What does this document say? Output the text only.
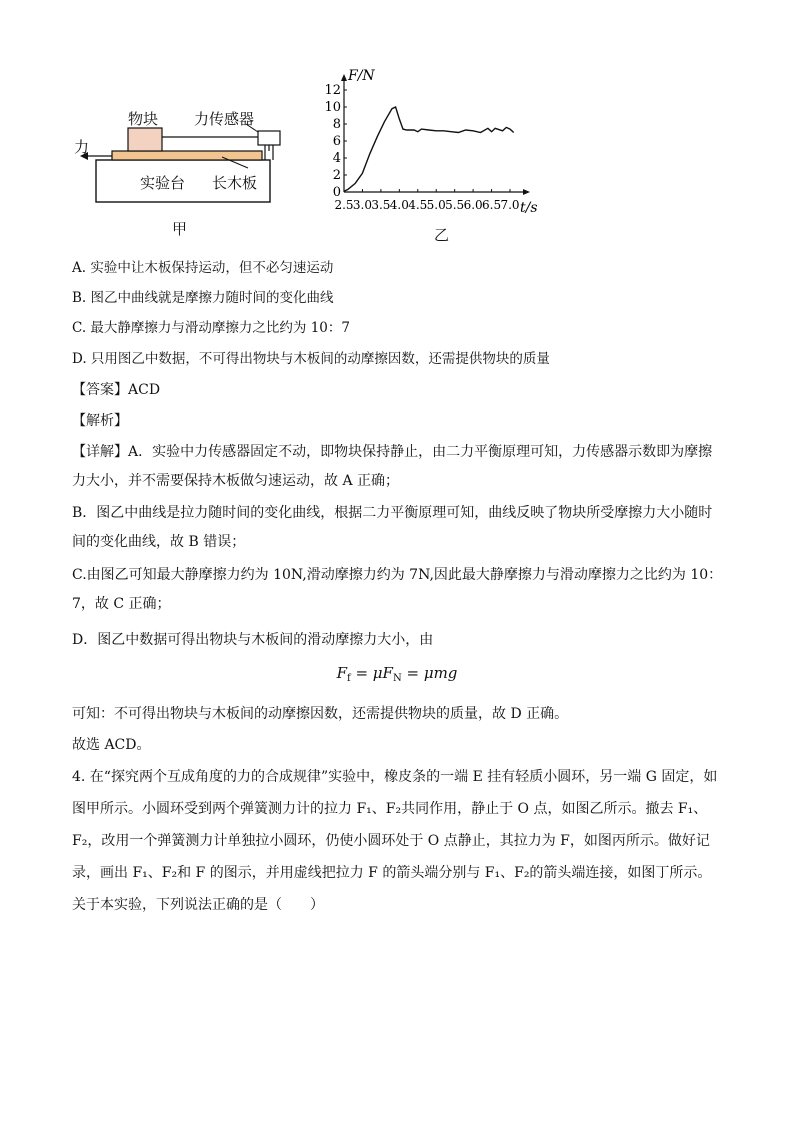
物块 力传感器
力
实验台 长木板
甲
0
2
4
6
8
10
12
2.5 3.0 3.5 4.0 4.5 5.0 5.5 6.0 6.5 7.0
F/N
t/s
乙
A. 实验中让木板保持运动，但不必匀速运动
B. 图乙中曲线就是摩擦力随时间的变化曲线
C. 最大静摩擦力与滑动摩擦力之比约为 10：7
D. 只用图乙中数据，不可得出物块与木板间的动摩擦因数，还需提供物块的质量
【答案】ACD
【解析】
【详解】A．实验中力传感器固定不动，即物块保持静止，由二力平衡原理可知，力传感器示数即为摩擦力大小，并不需要保持木板做匀速运动，故 A 正确；
B．图乙中曲线是拉力随时间的变化曲线，根据二力平衡原理可知，曲线反映了物块所受摩擦力大小随时间的变化曲线，故 B 错误；
C.由图乙可知最大静摩擦力约为 10N,滑动摩擦力约为 7N,因此最大静摩擦力与滑动摩擦力之比约为 10：7，故 C 正确；
D．图乙中数据可得出物块与木板间的滑动摩擦力大小，由
$F_f = \mu F_N = \mu mg$
可知：不可得出物块与木板间的动摩擦因数，还需提供物块的质量，故 D 正确。
故选 ACD。
4. 在“探究两个互成角度的力的合成规律”实验中，橡皮条的一端 E 挂有轻质小圆环，另一端 G 固定，如图甲所示。小圆环受到两个弹簧测力计的拉力 F₁、F₂共同作用，静止于 O 点，如图乙所示。撤去 F₁、F₂，改用一个弹簧测力计单独拉小圆环，仍使小圆环处于 O 点静止，其拉力为 F，如图丙所示。做好记录，画出 F₁、F₂和 F 的图示，并用虚线把拉力 F 的箭头端分别与 F₁、F₂的箭头端连接，如图丁所示。关于本实验，下列说法正确的是（　　）
